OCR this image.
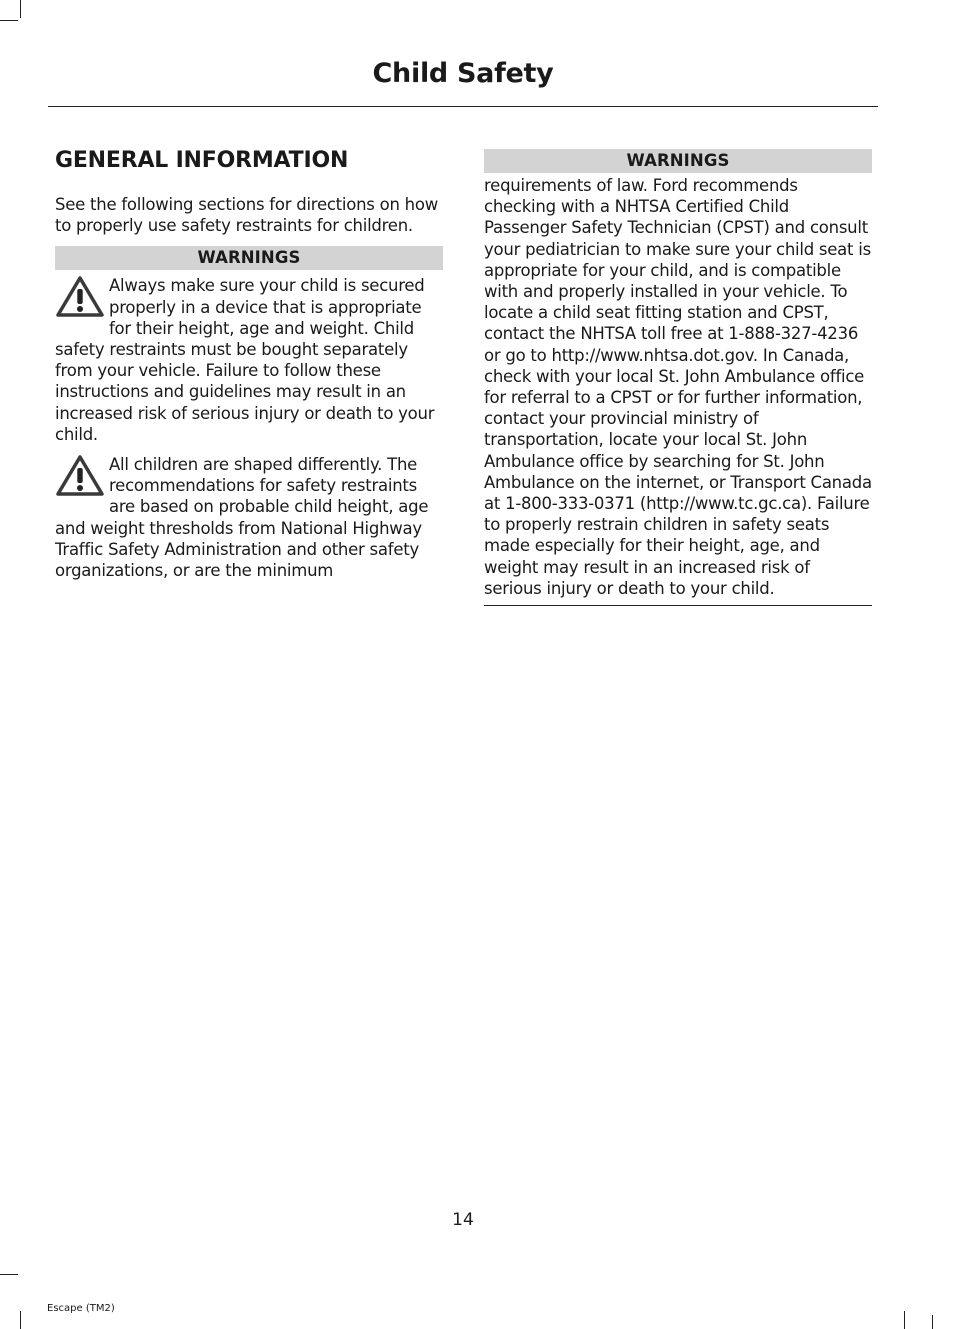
Child Safety
GENERAL INFORMATION

See the following sections for directions on how to properly use safety restraints for children.

WARNINGS

Always make sure your child is secured properly in a device that is appropriate for their height, age and weight. Child safety restraints must be bought separately from your vehicle. Failure to follow these instructions and guidelines may result in an increased risk of serious injury or death to your child.

All children are shaped differently. The recommendations for safety restraints are based on probable child height, age and weight thresholds from National Highway Traffic Safety Administration and other safety organizations, or are the minimum

WARNINGS

requirements of law. Ford recommends checking with a NHTSA Certified Child Passenger Safety Technician (CPST) and consult your pediatrician to make sure your child seat is appropriate for your child, and is compatible with and properly installed in your vehicle. To locate a child seat fitting station and CPST, contact the NHTSA toll free at 1-888-327-4236 or go to http://www.nhtsa.dot.gov. In Canada, check with your local St. John Ambulance office for referral to a CPST or for further information, contact your provincial ministry of transportation, locate your local St. John Ambulance office by searching for St. John Ambulance on the internet, or Transport Canada at 1-800-333-0371 (http://www.tc.gc.ca). Failure to properly restrain children in safety seats made especially for their height, age, and weight may result in an increased risk of serious injury or death to your child.

14
Escape (TM2)
